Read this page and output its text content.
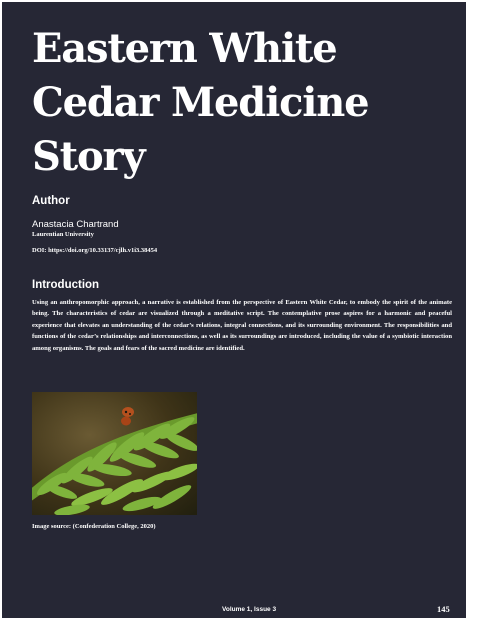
Eastern White
Cedar Medicine
Story
Author
Anastacia Chartrand
Laurentian University
DOI: https://doi.org/10.33137/cjlh.v1i3.38454
Introduction

Using an anthropomorphic approach, a narrative is established from the perspective of Eastern White Cedar, to embody the spirit of the animate being. The characteristics of cedar are visualized through a meditative script. The contemplative prose aspires for a harmonic and peaceful experience that elevates an understanding of the cedar’s relations, integral connections, and its surrounding environment. The responsibilities and functions of the cedar’s relationships and interconnections, as well as its surroundings are introduced, including the value of a symbiotic interaction among organisms. The goals and fears of the sacred medicine are identified.

Image source: (Confederation College, 2020)
Volume 1, Issue 3	145
